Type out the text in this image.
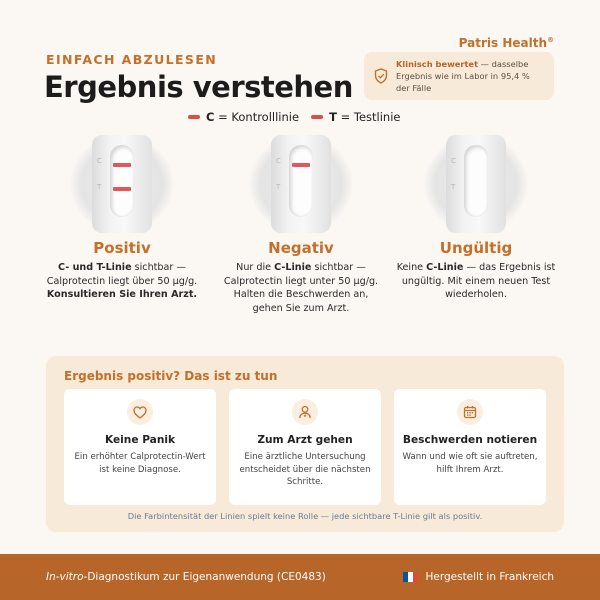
EINFACH ABZULESEN
Ergebnis verstehen
Patris Health®
Klinisch bewertet — dasselbe Ergebnis wie im Labor in 95,4 % der Fälle
C = Kontrolllinie	T = Testlinie
C
T
Positiv
C- und T-Linie sichtbar — Calprotectin liegt über 50 µg/g. Konsultieren Sie Ihren Arzt.
C
T
Negativ
Nur die C-Linie sichtbar — Calprotectin liegt unter 50 µg/g. Halten die Beschwerden an, gehen Sie zum Arzt.
C
T
Ungültig
Keine C-Linie — das Ergebnis ist ungültig. Mit einem neuen Test wiederholen.
Ergebnis positiv? Das ist zu tun
Keine Panik
Ein erhöhter Calprotectin-Wert ist keine Diagnose.
Zum Arzt gehen
Eine ärztliche Untersuchung entscheidet über die nächsten Schritte.
Beschwerden notieren
Wann und wie oft sie auftreten, hilft Ihrem Arzt.
Die Farbintensität der Linien spielt keine Rolle — jede sichtbare T-Linie gilt als positiv.
In-vitro-Diagnostikum zur Eigenanwendung (CE0483)	Hergestellt in Frankreich
